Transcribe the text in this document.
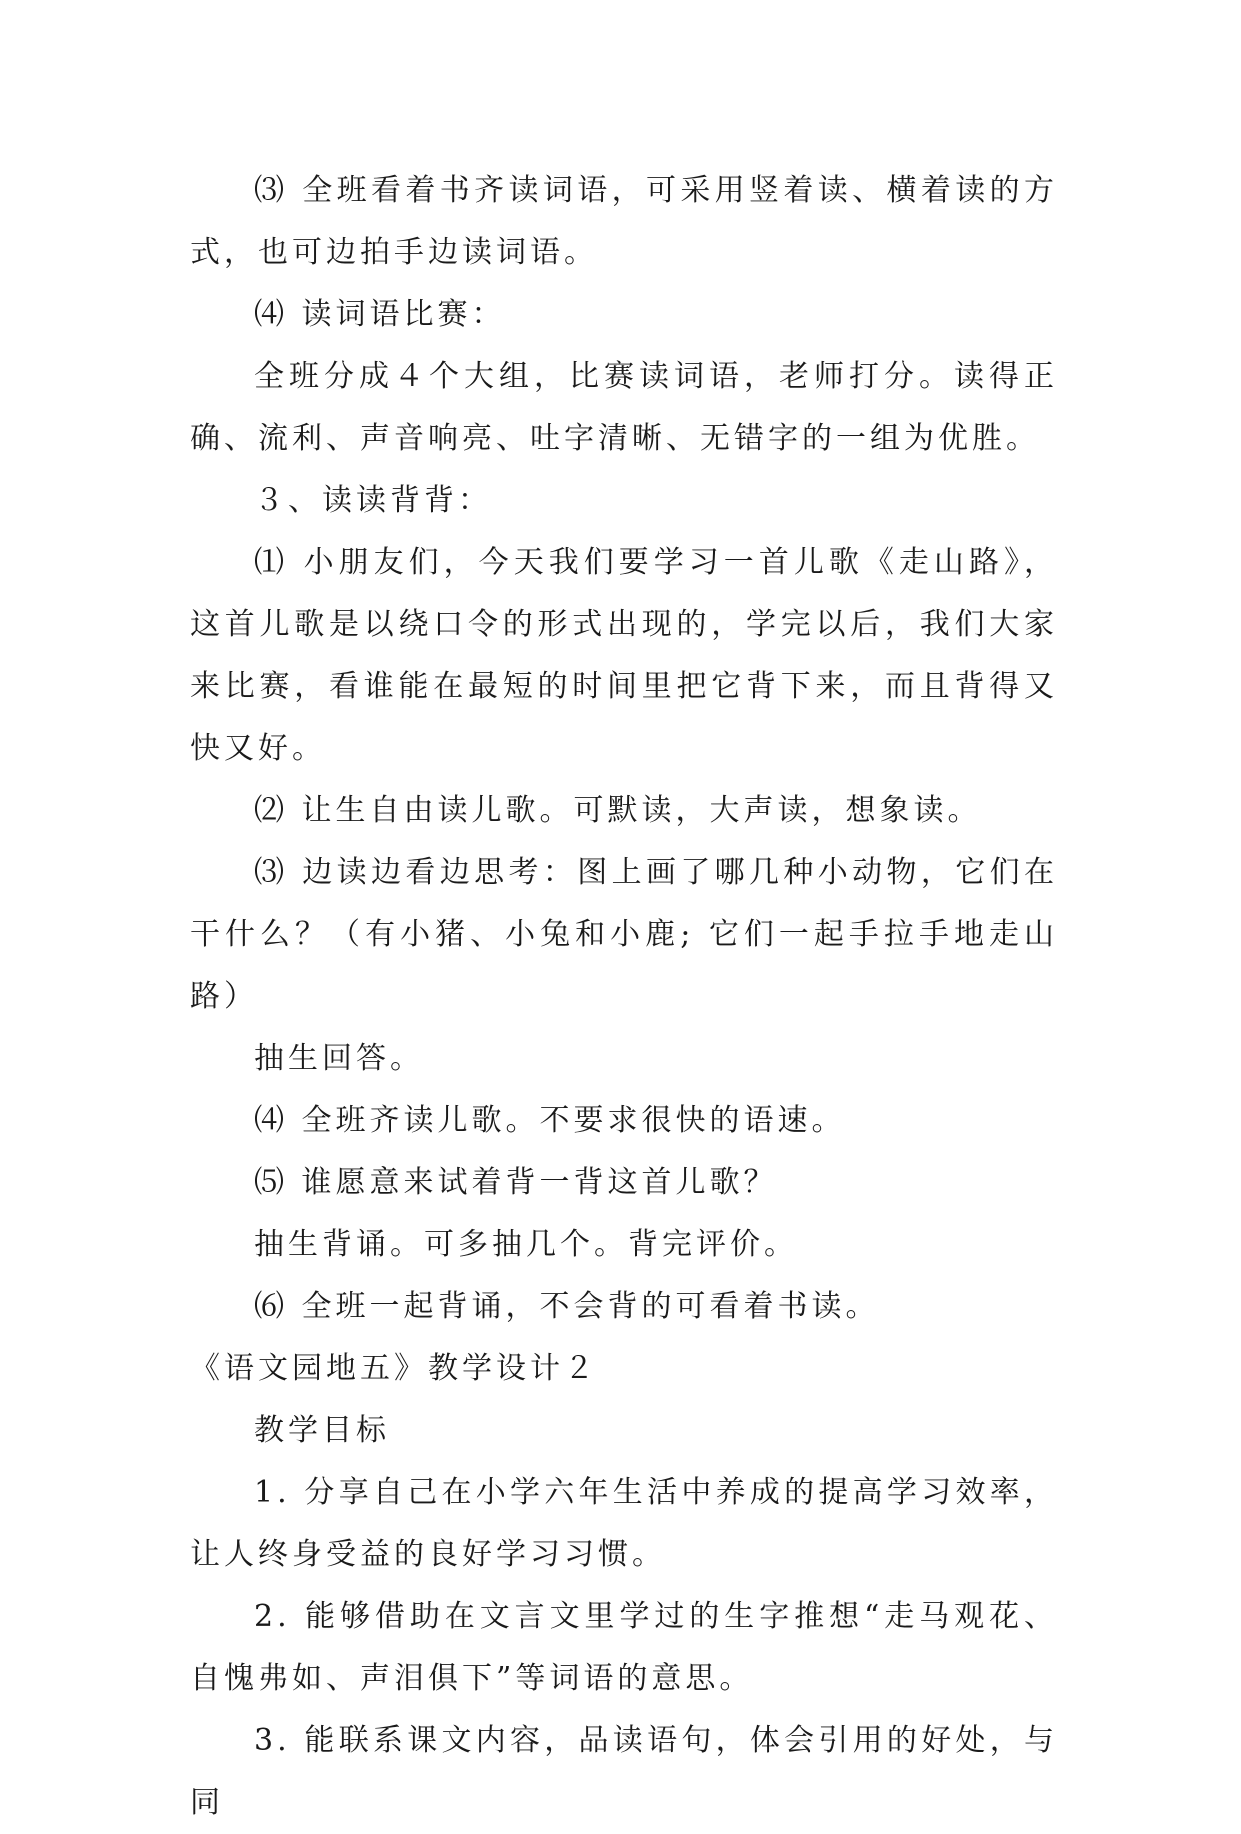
⑶ 全班看着书齐读词语，可采用竖着读、横着读的方式，也可边拍手边读词语。

⑷ 读词语比赛：

全班分成４个大组，比赛读词语，老师打分。读得正确、流利、声音响亮、吐字清晰、无错字的一组为优胜。

３、读读背背：

⑴ 小朋友们，今天我们要学习一首儿歌《走山路》，这首儿歌是以绕口令的形式出现的，学完以后，我们大家来比赛，看谁能在最短的时间里把它背下来，而且背得又快又好。

⑵ 让生自由读儿歌。可默读，大声读，想象读。

⑶ 边读边看边思考：图上画了哪几种小动物，它们在干什么？（有小猪、小兔和小鹿; 它们一起手拉手地走山路）

抽生回答。

⑷ 全班齐读儿歌。不要求很快的语速。

⑸ 谁愿意来试着背一背这首儿歌？

抽生背诵。可多抽几个。背完评价。

⑹ 全班一起背诵，不会背的可看着书读。

《语文园地五》教学设计２

教学目标

1. 分享自己在小学六年生活中养成的提高学习效率，让人终身受益的良好学习习惯。

2. 能够借助在文言文里学过的生字推想“走马观花、自愧弗如、声泪俱下”等词语的意思。

3. 能联系课文内容，品读语句，体会引用的好处，与同
